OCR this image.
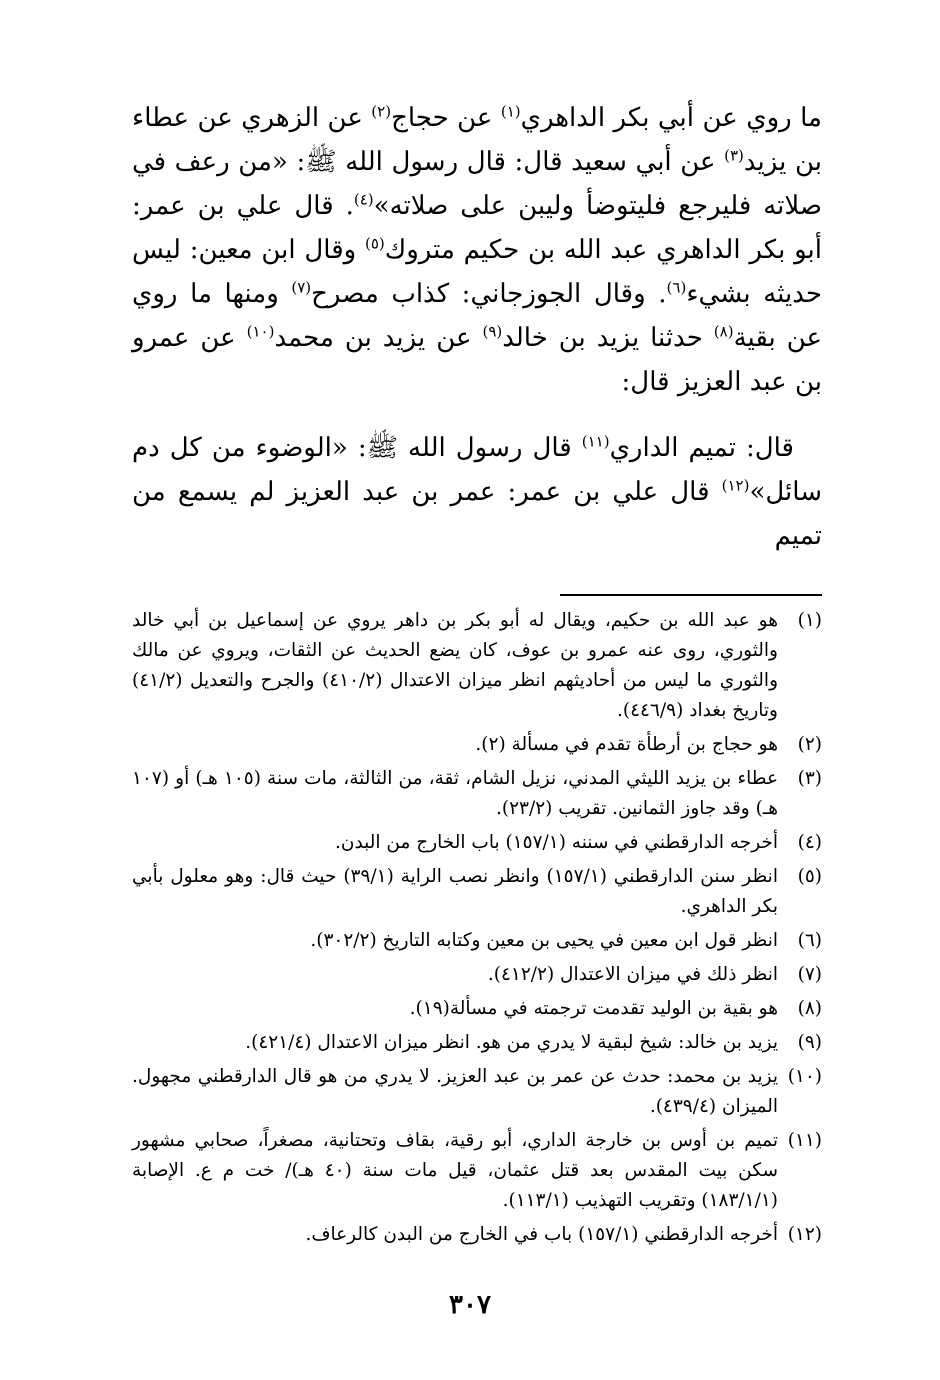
ما روي عن أبي بكر الداهري$^{(١)}$ عن حجاج$^{(٢)}$ عن الزهري عن عطاء بن يزيد$^{(٣)}$ عن أبي سعيد قال: قال رسول الله ﷺ: «من رعف في صلاته فليرجع فليتوضأ وليبن على صلاته»$^{(٤)}$. قال علي بن عمر: أبو بكر الداهري عبد الله بن حكيم متروك$^{(٥)}$ وقال ابن معين: ليس حديثه بشيء$^{(٦)}$. وقال الجوزجاني: كذاب مصرح$^{(٧)}$ ومنها ما روي عن بقية$^{(٨)}$ حدثنا يزيد بن خالد$^{(٩)}$ عن يزيد بن محمد$^{(١٠)}$ عن عمرو بن عبد العزيز قال:

قال: تميم الداري$^{(١١)}$ قال رسول الله ﷺ: «الوضوء من كل دم سائل»$^{(١٢)}$ قال علي بن عمر: عمر بن عبد العزيز لم يسمع من تميم

(١)
هو عبد الله بن حكيم، ويقال له أبو بكر بن داهر يروي عن إسماعيل بن أبي خالد والثوري، روى عنه عمرو بن عوف، كان يضع الحديث عن الثقات، ويروي عن مالك والثوري ما ليس من أحاديثهم انظر ميزان الاعتدال (٤١٠/٢) والجرح والتعديل (٤١/٢) وتاريخ بغداد (٤٤٦/٩).
(٢)
هو حجاج بن أرطأة تقدم في مسألة (٢).
(٣)
عطاء بن يزيد الليثي المدني، نزيل الشام، ثقة، من الثالثة، مات سنة (١٠٥ هـ) أو (١٠٧ هـ) وقد جاوز الثمانين. تقريب (٢٣/٢).
(٤)
أخرجه الدارقطني في سننه (١٥٧/١) باب الخارج من البدن.
(٥)
انظر سنن الدارقطني (١٥٧/١) وانظر نصب الراية (٣٩/١) حيث قال: وهو معلول بأبي بكر الداهري.
(٦)
انظر قول ابن معين في يحيى بن معين وكتابه التاريخ (٣٠٢/٢).
(٧)
انظر ذلك في ميزان الاعتدال (٤١٢/٢).
(٨)
هو بقية بن الوليد تقدمت ترجمته في مسألة(١٩).
(٩)
يزيد بن خالد: شيخ لبقية لا يدري من هو. انظر ميزان الاعتدال (٤٢١/٤).
(١٠)
يزيد بن محمد: حدث عن عمر بن عبد العزيز. لا يدري من هو قال الدارقطني مجهول. الميزان (٤٣٩/٤).
(١١)
تميم بن أوس بن خارجة الداري، أبو رقية، بقاف وتحتانية، مصغراً، صحابي مشهور سكن بيت المقدس بعد قتل عثمان، قيل مات سنة (٤٠ هـ)/ خت م ع. الإصابة (١٨٣/١/١) وتقريب التهذيب (١١٣/١).
(١٢)
أخرجه الدارقطني (١٥٧/١) باب في الخارج من البدن كالرعاف.
٣٠٧
